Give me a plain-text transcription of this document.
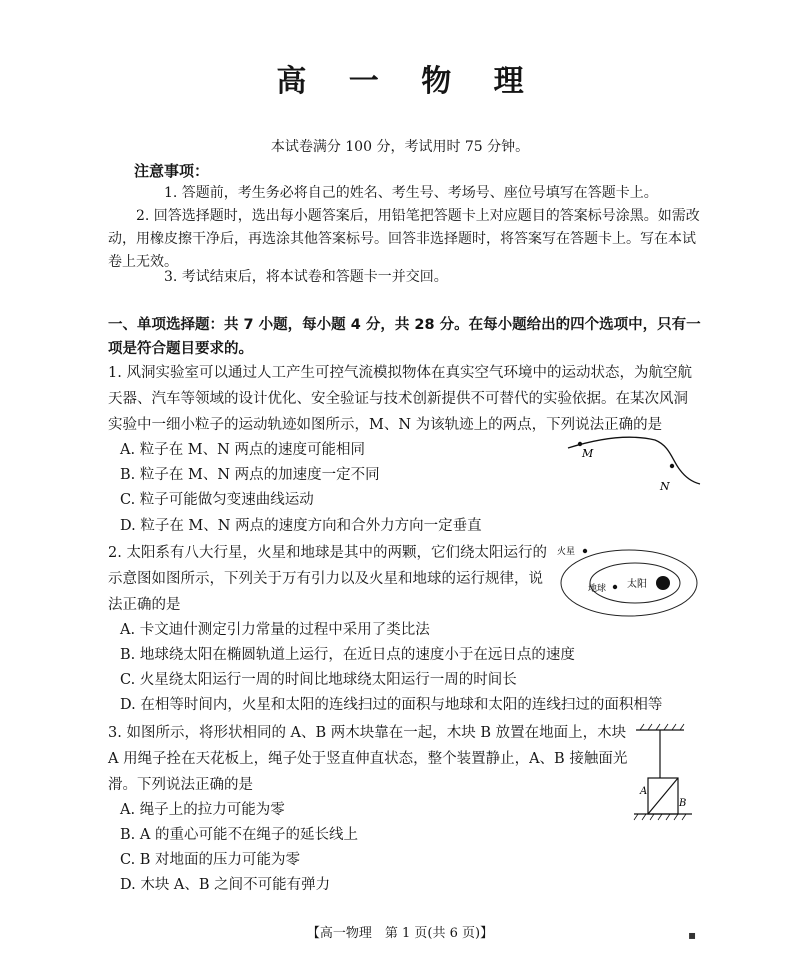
高 一 物 理
本试卷满分 100 分，考试用时 75 分钟。
注意事项：
1. 答题前，考生务必将自己的姓名、考生号、考场号、座位号填写在答题卡上。
2. 回答选择题时，选出每小题答案后，用铅笔把答题卡上对应题目的答案标号涂黑。如需改动，用橡皮擦干净后，再选涂其他答案标号。回答非选择题时，将答案写在答题卡上。写在本试卷上无效。
3. 考试结束后，将本试卷和答题卡一并交回。
一、单项选择题：共 7 小题，每小题 4 分，共 28 分。在每小题给出的四个选项中，只有一项是符合题目要求的。
1. 风洞实验室可以通过人工产生可控气流模拟物体在真实空气环境中的运动状态，为航空航天器、汽车等领域的设计优化、安全验证与技术创新提供不可替代的实验依据。在某次风洞实验中一细小粒子的运动轨迹如图所示，M、N 为该轨迹上的两点，下列说法正确的是
A. 粒子在 M、N 两点的速度可能相同
B. 粒子在 M、N 两点的加速度一定不同
C. 粒子可能做匀变速曲线运动
D. 粒子在 M、N 两点的速度方向和合外力方向一定垂直
M
N
2. 太阳系有八大行星，火星和地球是其中的两颗，它们绕太阳运行的示意图如图所示，下列关于万有引力以及火星和地球的运行规律，说法正确的是
A. 卡文迪什测定引力常量的过程中采用了类比法
B. 地球绕太阳在椭圆轨道上运行，在近日点的速度小于在远日点的速度
C. 火星绕太阳运行一周的时间比地球绕太阳运行一周的时间长
D. 在相等时间内，火星和太阳的连线扫过的面积与地球和太阳的连线扫过的面积相等
火星
地球 太阳
3. 如图所示，将形状相同的 A、B 两木块靠在一起，木块 B 放置在地面上，木块 A 用绳子拴在天花板上，绳子处于竖直伸直状态，整个装置静止，A、B 接触面光滑。下列说法正确的是
A. 绳子上的拉力可能为零
B. A 的重心可能不在绳子的延长线上
C. B 对地面的压力可能为零
D. 木块 A、B 之间不可能有弹力
A
B
【高一物理　第 1 页(共 6 页)】	▪
